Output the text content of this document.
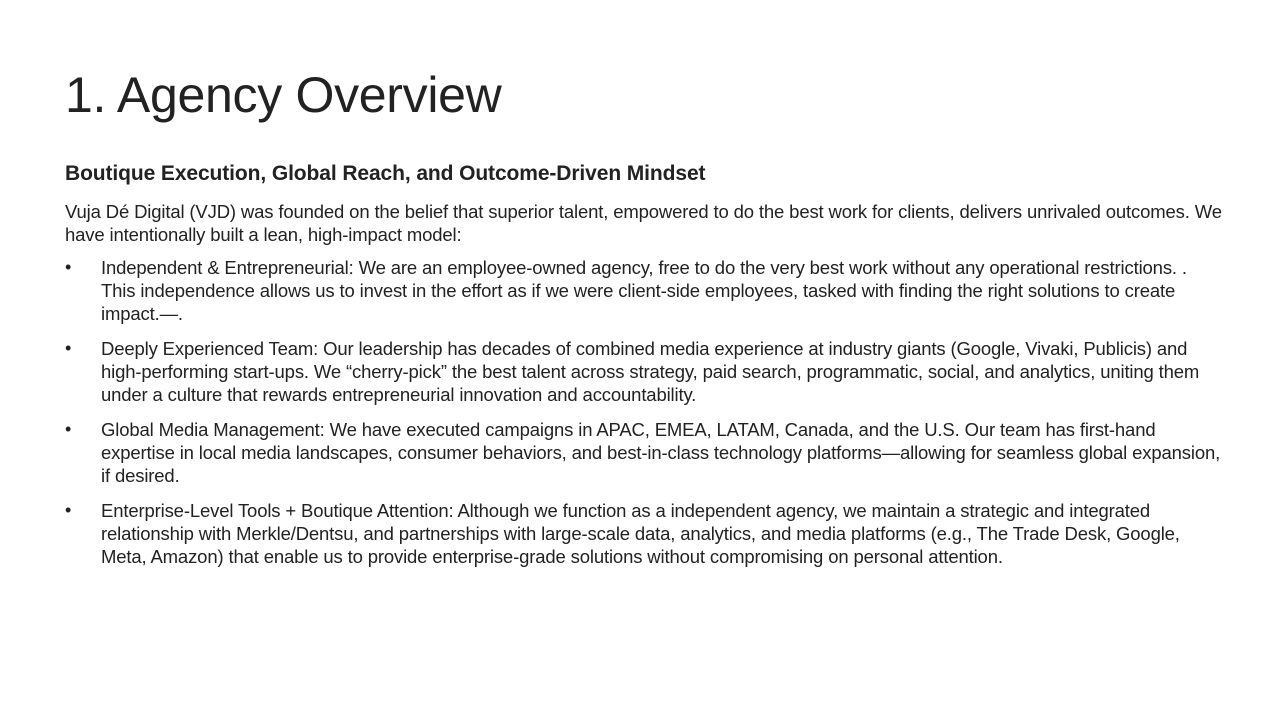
1. Agency Overview
Boutique Execution, Global Reach, and Outcome-Driven Mindset

Vuja Dé Digital (VJD) was founded on the belief that superior talent, empowered to do the best work for clients, delivers unrivaled outcomes. We have intentionally built a lean, high-impact model:

• Independent & Entrepreneurial: We are an employee-owned agency, free to do the very best work without any operational restrictions. . This independence allows us to invest in the effort as if we were client-side employees, tasked with finding the right solutions to create impact.—.
• Deeply Experienced Team: Our leadership has decades of combined media experience at industry giants (Google, Vivaki, Publicis) and high-performing start-ups. We “cherry-pick” the best talent across strategy, paid search, programmatic, social, and analytics, uniting them under a culture that rewards entrepreneurial innovation and accountability.
• Global Media Management: We have executed campaigns in APAC, EMEA, LATAM, Canada, and the U.S. Our team has first-hand expertise in local media landscapes, consumer behaviors, and best-in-class technology platforms—allowing for seamless global expansion, if desired.
• Enterprise-Level Tools + Boutique Attention: Although we function as a independent agency, we maintain a strategic and integrated relationship with Merkle/Dentsu, and partnerships with large-scale data, analytics, and media platforms (e.g., The Trade Desk, Google, Meta, Amazon) that enable us to provide enterprise-grade solutions without compromising on personal attention.
